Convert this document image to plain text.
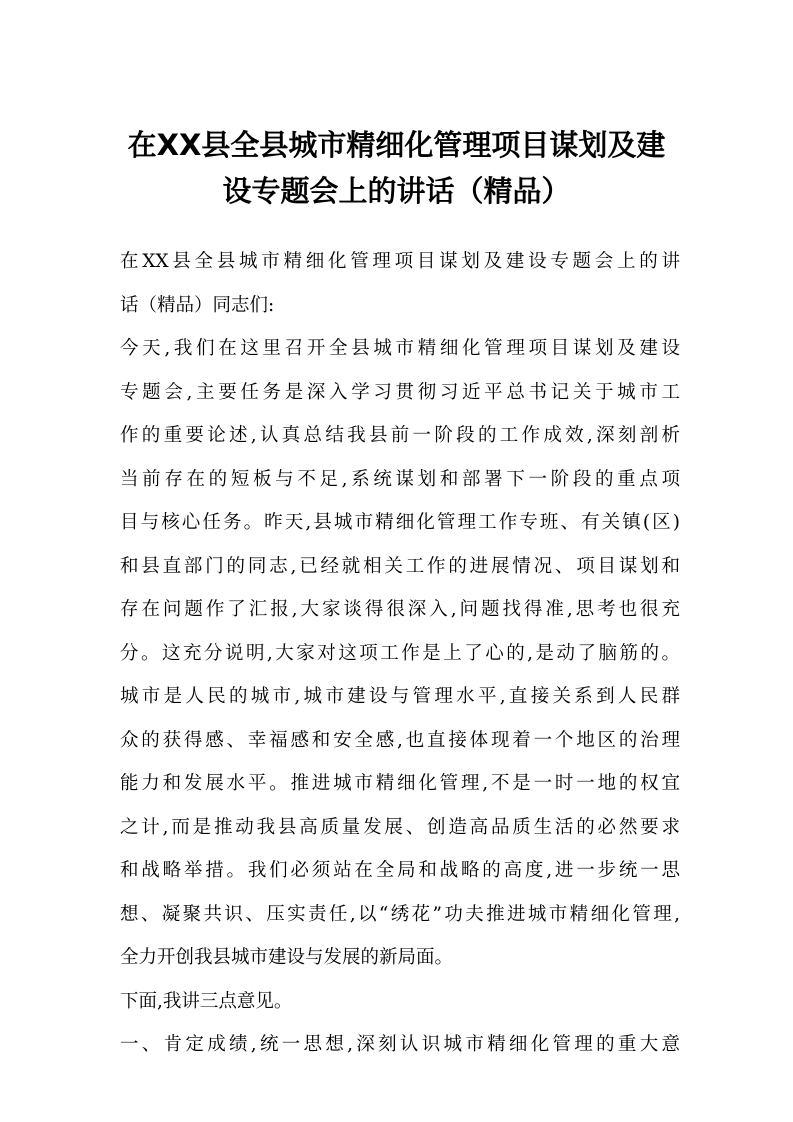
在XX县全县城市精细化管理项目谋划及建
设专题会上的讲话（精品）
在XX县全县城市精细化管理项目谋划及建设专题会上的讲
话（精品）同志们:
今天,我们在这里召开全县城市精细化管理项目谋划及建设
专题会,主要任务是深入学习贯彻习近平总书记关于城市工
作的重要论述,认真总结我县前一阶段的工作成效,深刻剖析
当前存在的短板与不足,系统谋划和部署下一阶段的重点项
目与核心任务。昨天,县城市精细化管理工作专班、有关镇(区)
和县直部门的同志,已经就相关工作的进展情况、项目谋划和
存在问题作了汇报,大家谈得很深入,问题找得准,思考也很充
分。这充分说明,大家对这项工作是上了心的,是动了脑筋的。
城市是人民的城市,城市建设与管理水平,直接关系到人民群
众的获得感、幸福感和安全感,也直接体现着一个地区的治理
能力和发展水平。推进城市精细化管理,不是一时一地的权宜
之计,而是推动我县高质量发展、创造高品质生活的必然要求
和战略举措。我们必须站在全局和战略的高度,进一步统一思
想、凝聚共识、压实责任,以“绣花”功夫推进城市精细化管理,
全力开创我县城市建设与发展的新局面。
下面,我讲三点意见。
一、肯定成绩,统一思想,深刻认识城市精细化管理的重大意
